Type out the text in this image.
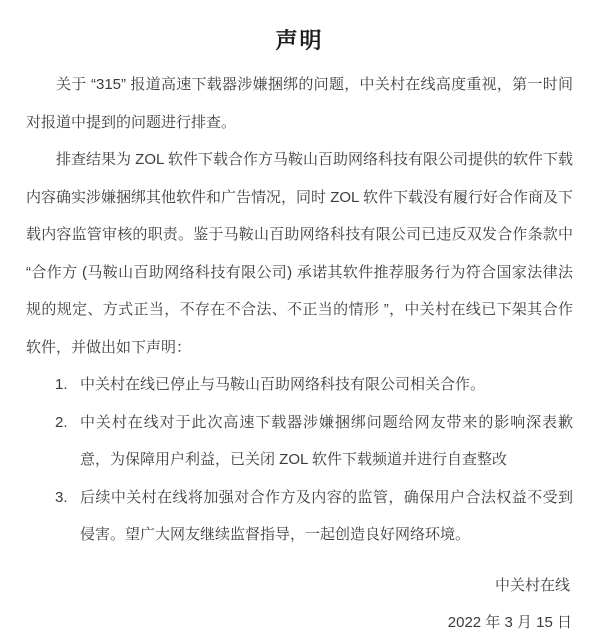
声明

关于 “315” 报道高速下载器涉嫌捆绑的问题，中关村在线高度重视，第一时间对报道中提到的问题进行排查。

排查结果为 ZOL 软件下载合作方马鞍山百助网络科技有限公司提供的软件下载内容确实涉嫌捆绑其他软件和广告情况，同时 ZOL 软件下载没有履行好合作商及下载内容监管审核的职责。鉴于马鞍山百助网络科技有限公司已违反双发合作条款中 “合作方 (马鞍山百助网络科技有限公司) 承诺其软件推荐服务行为符合国家法律法规的规定、方式正当，不存在不合法、不正当的情形 ”，中关村在线已下架其合作软件，并做出如下声明：

1. 中关村在线已停止与马鞍山百助网络科技有限公司相关合作。
2. 中关村在线对于此次高速下载器涉嫌捆绑问题给网友带来的影响深表歉意，为保障用户利益，已关闭 ZOL 软件下载频道并进行自查整改
3. 后续中关村在线将加强对合作方及内容的监管，确保用户合法权益不受到侵害。望广大网友继续监督指导，一起创造良好网络环境。
中关村在线
2022 年 3 月 15 日
